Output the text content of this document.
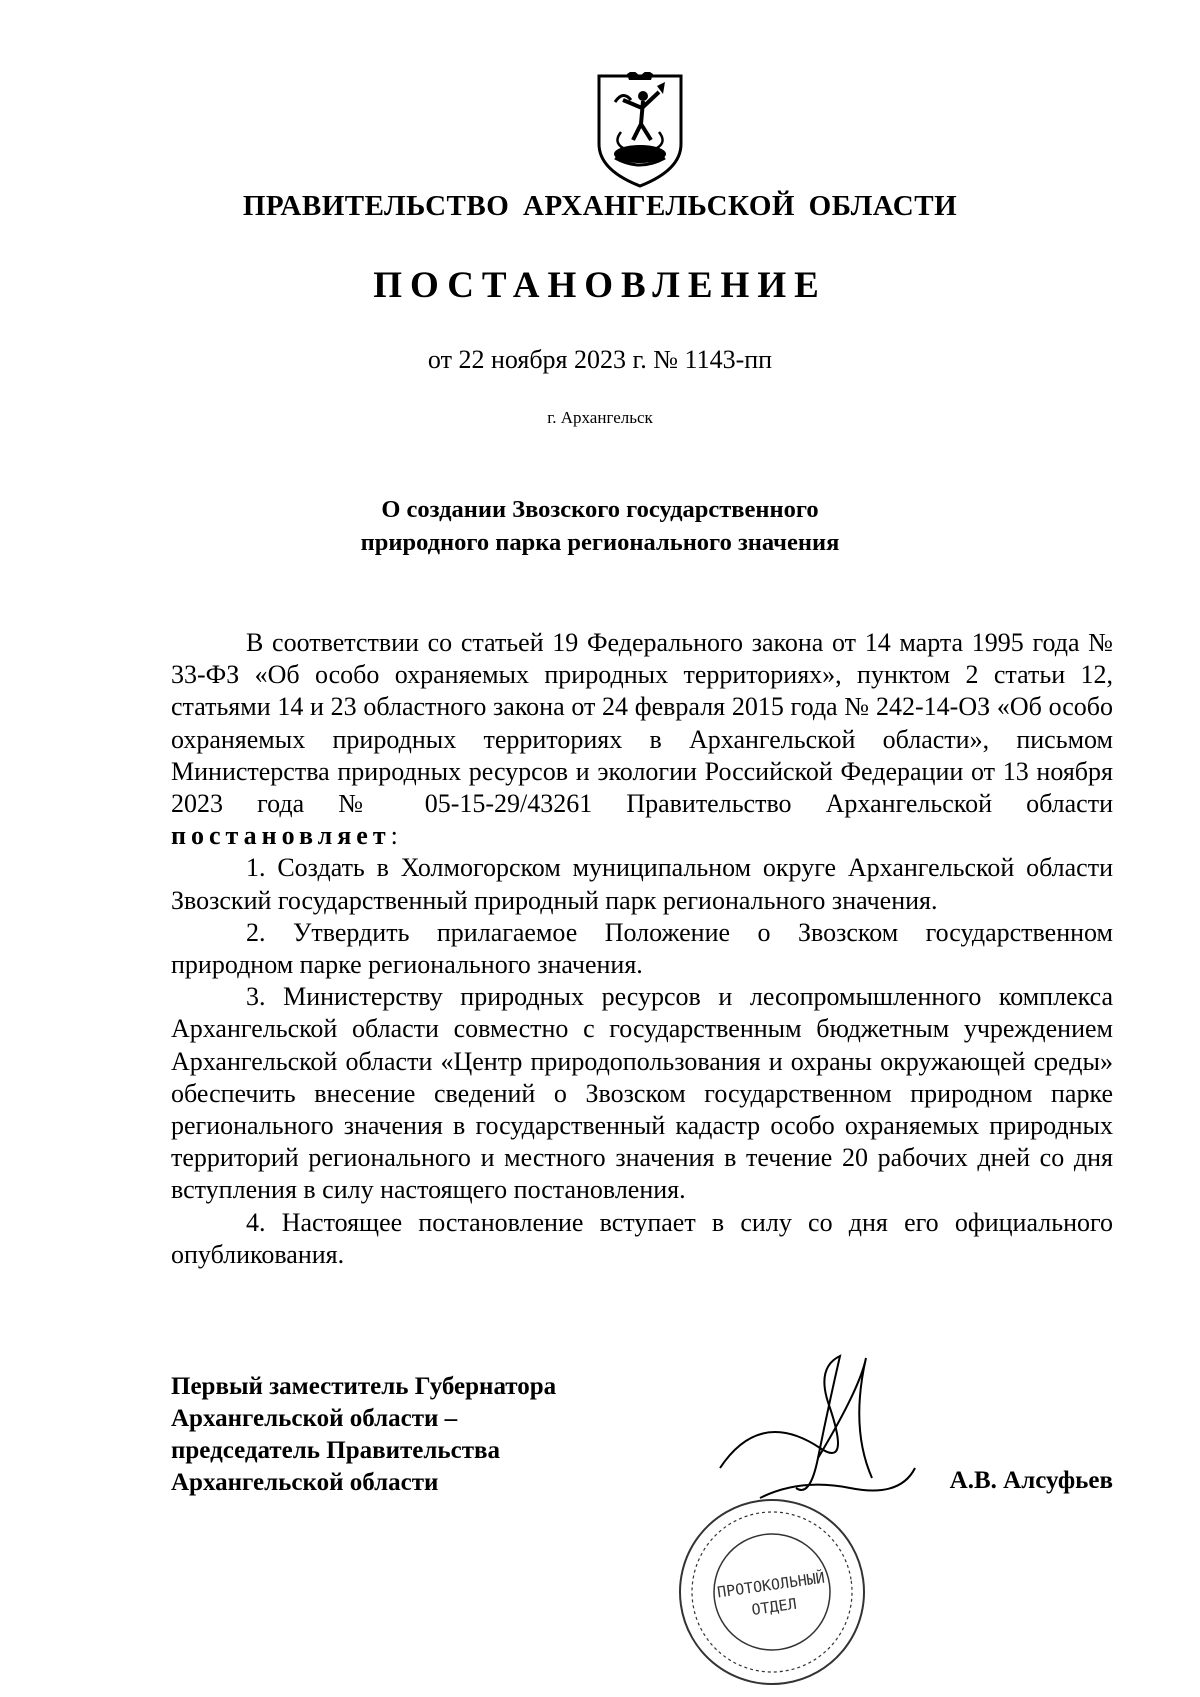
ПРАВИТЕЛЬСТВО АРХАНГЕЛЬСКОЙ ОБЛАСТИ
ПОСТАНОВЛЕНИЕ
от 22 ноября 2023 г. № 1143-пп
г. Архангельск
О создании Звозского государственного
природного парка регионального значения

В соответствии со статьей 19 Федерального закона от 14 марта 1995 года № 33-ФЗ «Об особо охраняемых природных территориях», пунктом 2 статьи 12, статьями 14 и 23 областного закона от 24 февраля 2015 года № 242-14-ОЗ «Об особо охраняемых природных территориях в Архангельской области», письмом Министерства природных ресурсов и экологии Российской Федерации от 13 ноября 2023 года № 05-15-29/43261 Правительство Архангельской области постановляет:

1. Создать в Холмогорском муниципальном округе Архангельской области Звозский государственный природный парк регионального значения.

2. Утвердить прилагаемое Положение о Звозском государственном природном парке регионального значения.

3. Министерству природных ресурсов и лесопромышленного комплекса Архангельской области совместно с государственным бюджетным учреждением Архангельской области «Центр природопользования и охраны окружающей среды» обеспечить внесение сведений о Звозском государственном природном парке регионального значения в государственный кадастр особо охраняемых природных территорий регионального и местного значения в течение 20 рабочих дней со дня вступления в силу настоящего постановления.

4. Настоящее постановление вступает в силу со дня его официального опубликования.

Первый заместитель Губернатора
Архангельской области –
председатель Правительства
Архангельской области	А.В. Алсуфьев
ПРОТОКОЛЬНЫЙ
ОТДЕЛ
